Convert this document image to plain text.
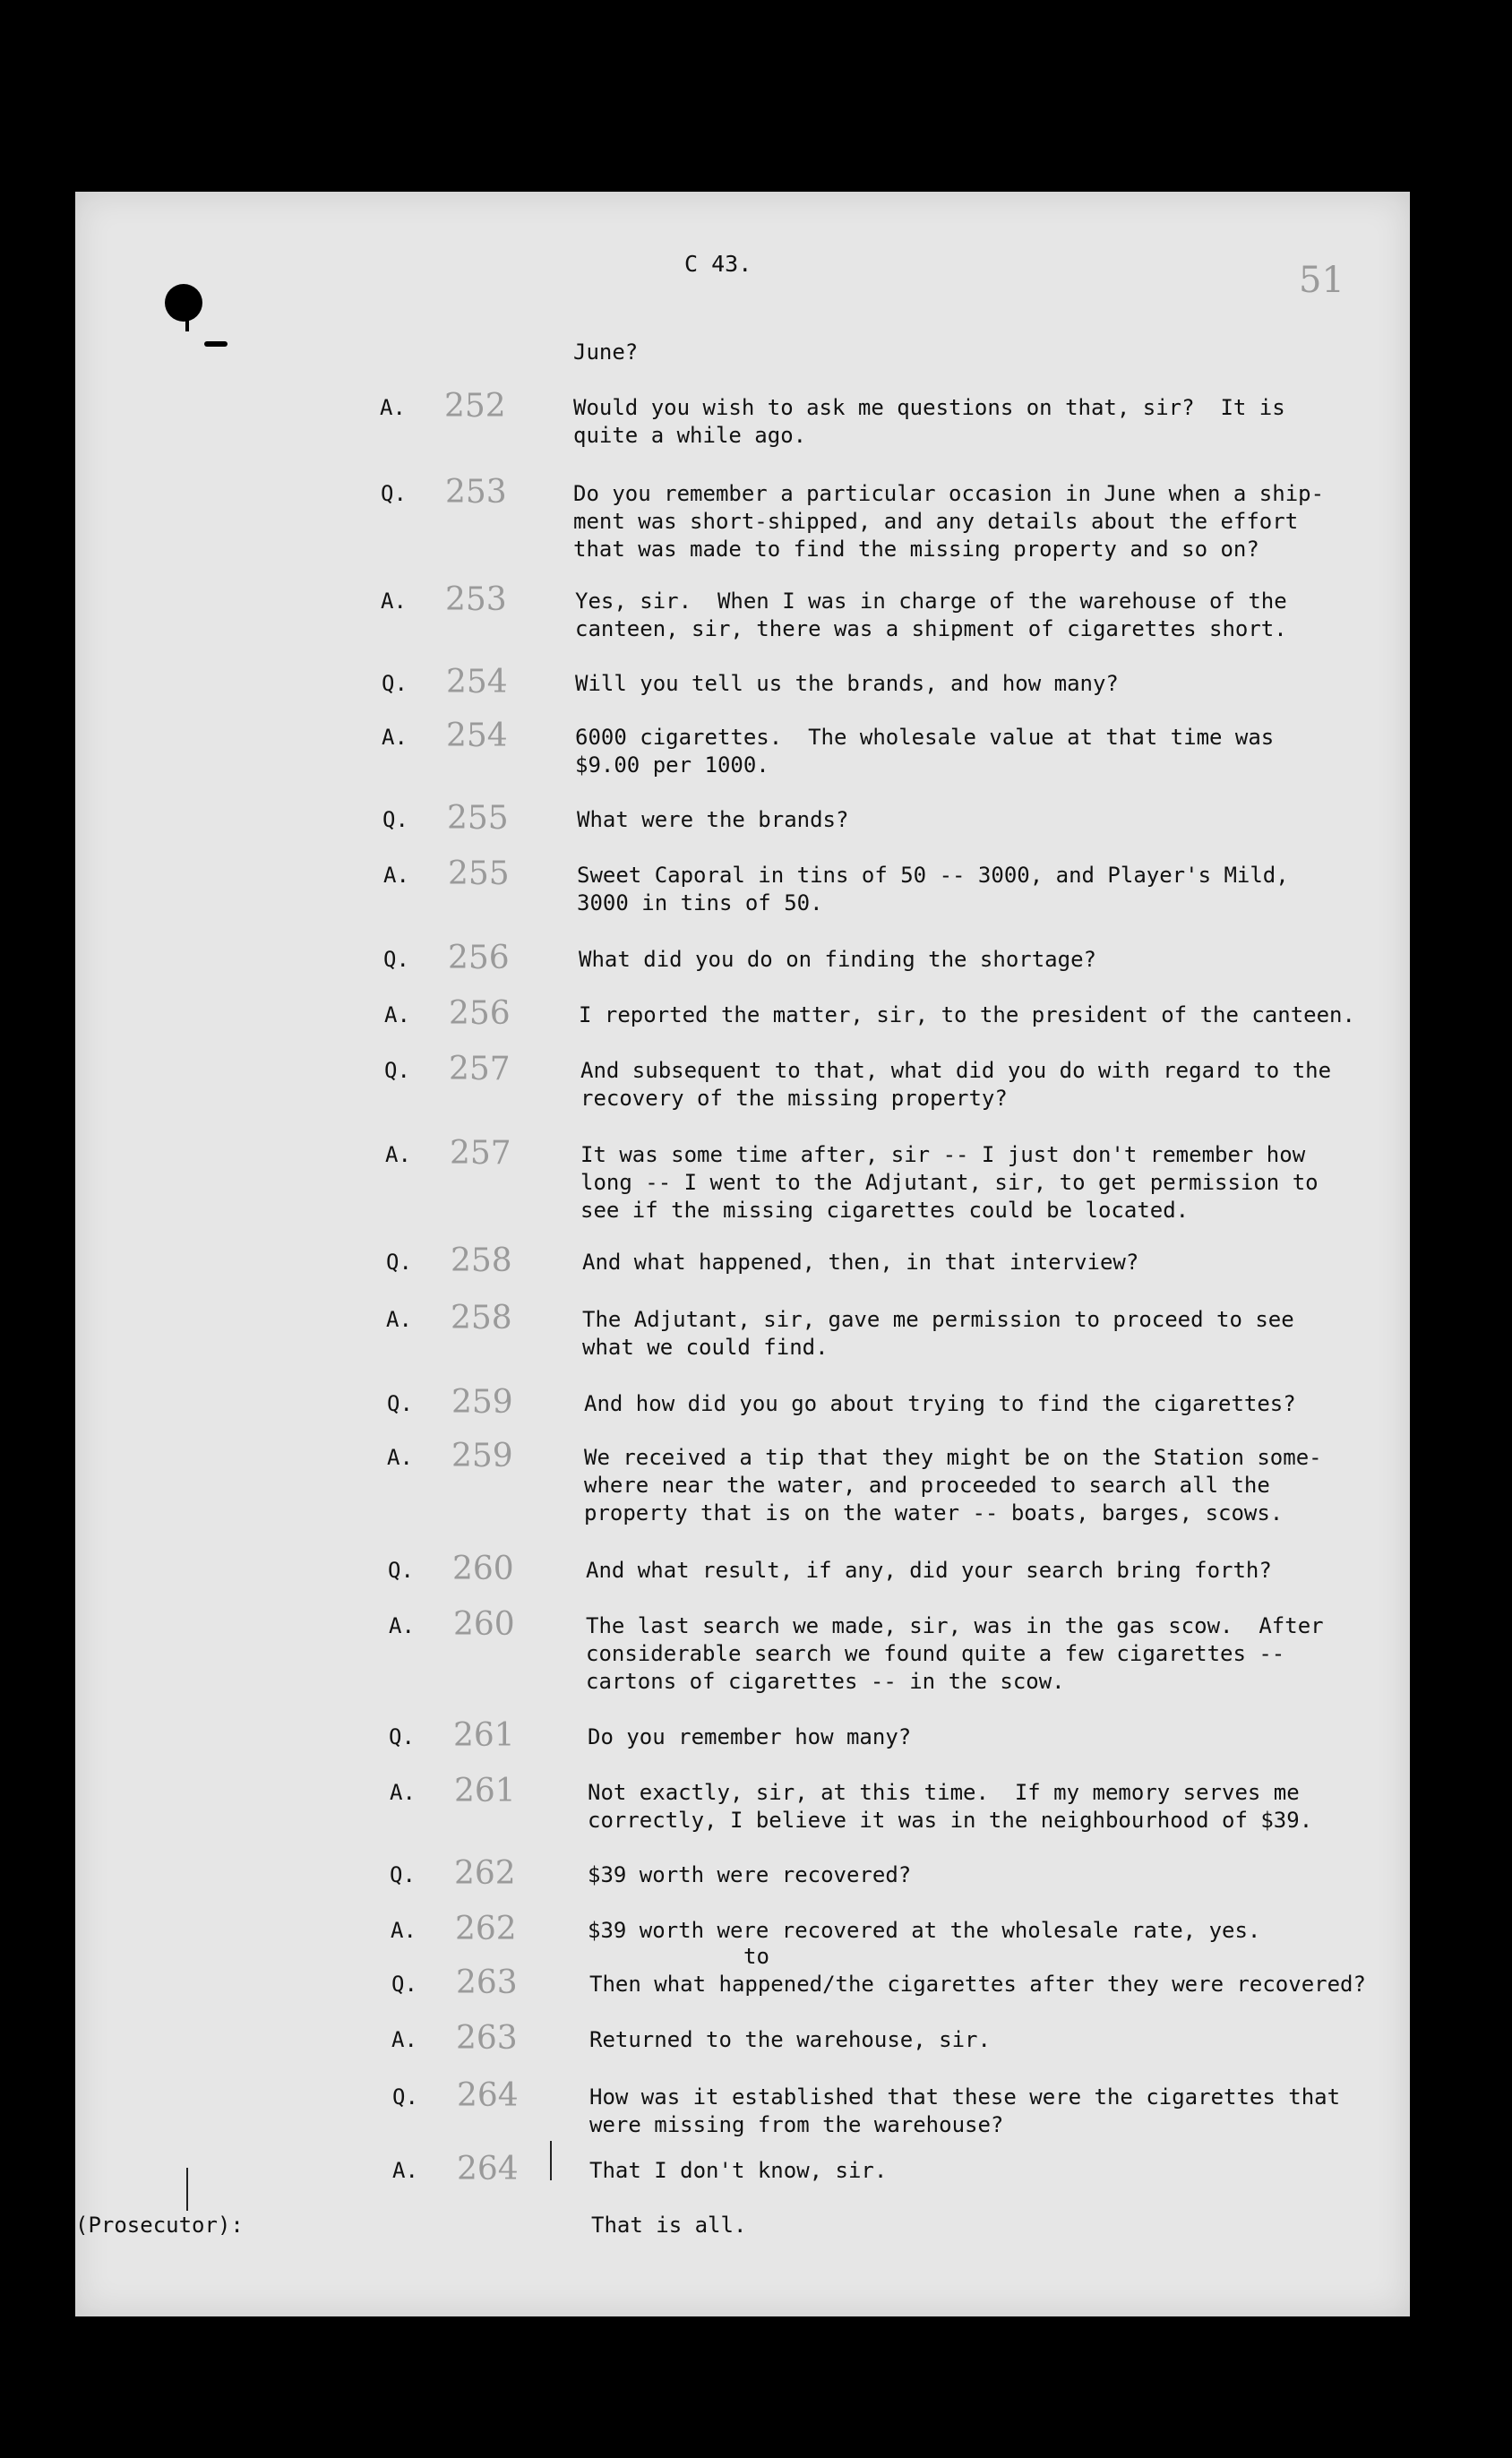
C 43.	51
June?
A. 252	Would you wish to ask me questions on that, sir?  It is
quite a while ago.
Q. 253	Do you remember a particular occasion in June when a ship-
ment was short-shipped, and any details about the effort
that was made to find the missing property and so on?
A. 253	Yes, sir.  When I was in charge of the warehouse of the
canteen, sir, there was a shipment of cigarettes short.
Q. 254	Will you tell us the brands, and how many?
A. 254	6000 cigarettes.  The wholesale value at that time was
$9.00 per 1000.
Q. 255	What were the brands?
A. 255	Sweet Caporal in tins of 50 -- 3000, and Player's Mild,
3000 in tins of 50.
Q. 256	What did you do on finding the shortage?
A. 256	I reported the matter, sir, to the president of the canteen.
Q. 257	And subsequent to that, what did you do with regard to the
recovery of the missing property?
A. 257	It was some time after, sir -- I just don't remember how
long -- I went to the Adjutant, sir, to get permission to
see if the missing cigarettes could be located.
Q. 258	And what happened, then, in that interview?
A. 258	The Adjutant, sir, gave me permission to proceed to see
what we could find.
Q. 259	And how did you go about trying to find the cigarettes?
A. 259	We received a tip that they might be on the Station some-
where near the water, and proceeded to search all the
property that is on the water -- boats, barges, scows.
Q. 260	And what result, if any, did your search bring forth?
A. 260	The last search we made, sir, was in the gas scow.  After
considerable search we found quite a few cigarettes --
cartons of cigarettes -- in the scow.
Q. 261	Do you remember how many?
A. 261	Not exactly, sir, at this time.  If my memory serves me
correctly, I believe it was in the neighbourhood of $39.
Q. 262	$39 worth were recovered?
A. 262	$39 worth were recovered at the wholesale rate, yes.
Q. 263	Then what happened/the cigarettes after they were recovered?
A. 263	Returned to the warehouse, sir.
Q. 264	How was it established that these were the cigarettes that
were missing from the warehouse?
A. 264	That I don't know, sir.
to
(Prosecutor):	That is all.
